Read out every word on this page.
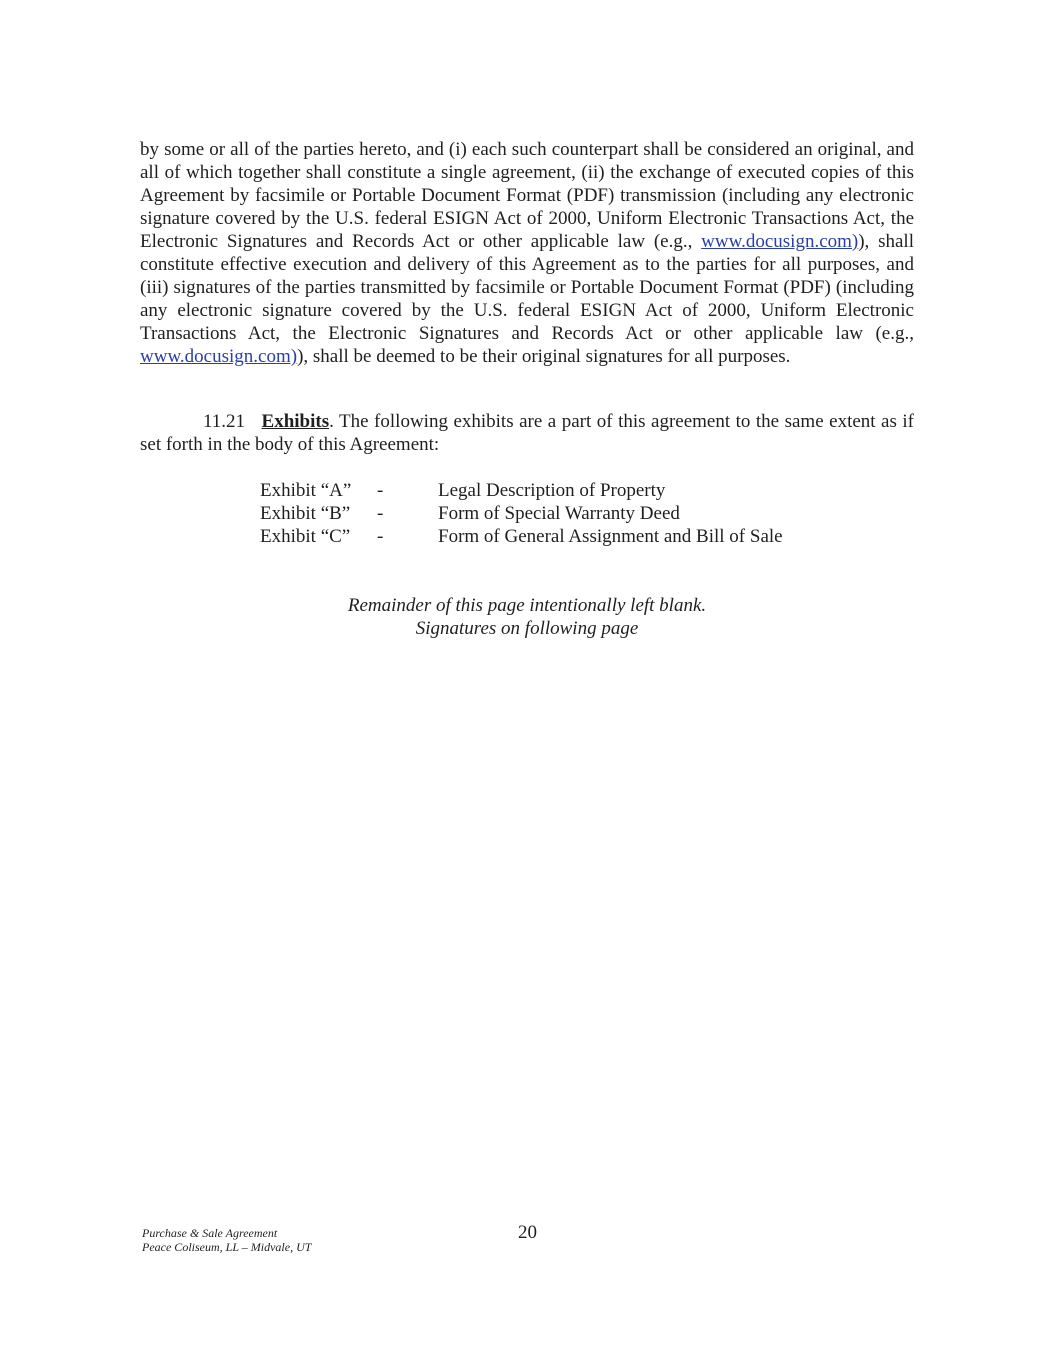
by some or all of the parties hereto, and (i) each such counterpart shall be considered an original, and all of which together shall constitute a single agreement, (ii) the exchange of executed copies of this Agreement by facsimile or Portable Document Format (PDF) transmission (including any electronic signature covered by the U.S. federal ESIGN Act of 2000, Uniform Electronic Transactions Act, the Electronic Signatures and Records Act or other applicable law (e.g., www.docusign.com)), shall constitute effective execution and delivery of this Agreement as to the parties for all purposes, and (iii) signatures of the parties transmitted by facsimile or Portable Document Format (PDF) (including any electronic signature covered by the U.S. federal ESIGN Act of 2000, Uniform Electronic Transactions Act, the Electronic Signatures and Records Act or other applicable law (e.g., www.docusign.com)), shall be deemed to be their original signatures for all purposes.

11.21 Exhibits. The following exhibits are a part of this agreement to the same extent as if set forth in the body of this Agreement:

Exhibit “A”	-	Legal Description of Property
Exhibit “B”	-	Form of Special Warranty Deed
Exhibit “C”	-	Form of General Assignment and Bill of Sale
Remainder of this page intentionally left blank.
Signatures on following page
Purchase & Sale Agreement
Peace Coliseum, LL – Midvale, UT
20
